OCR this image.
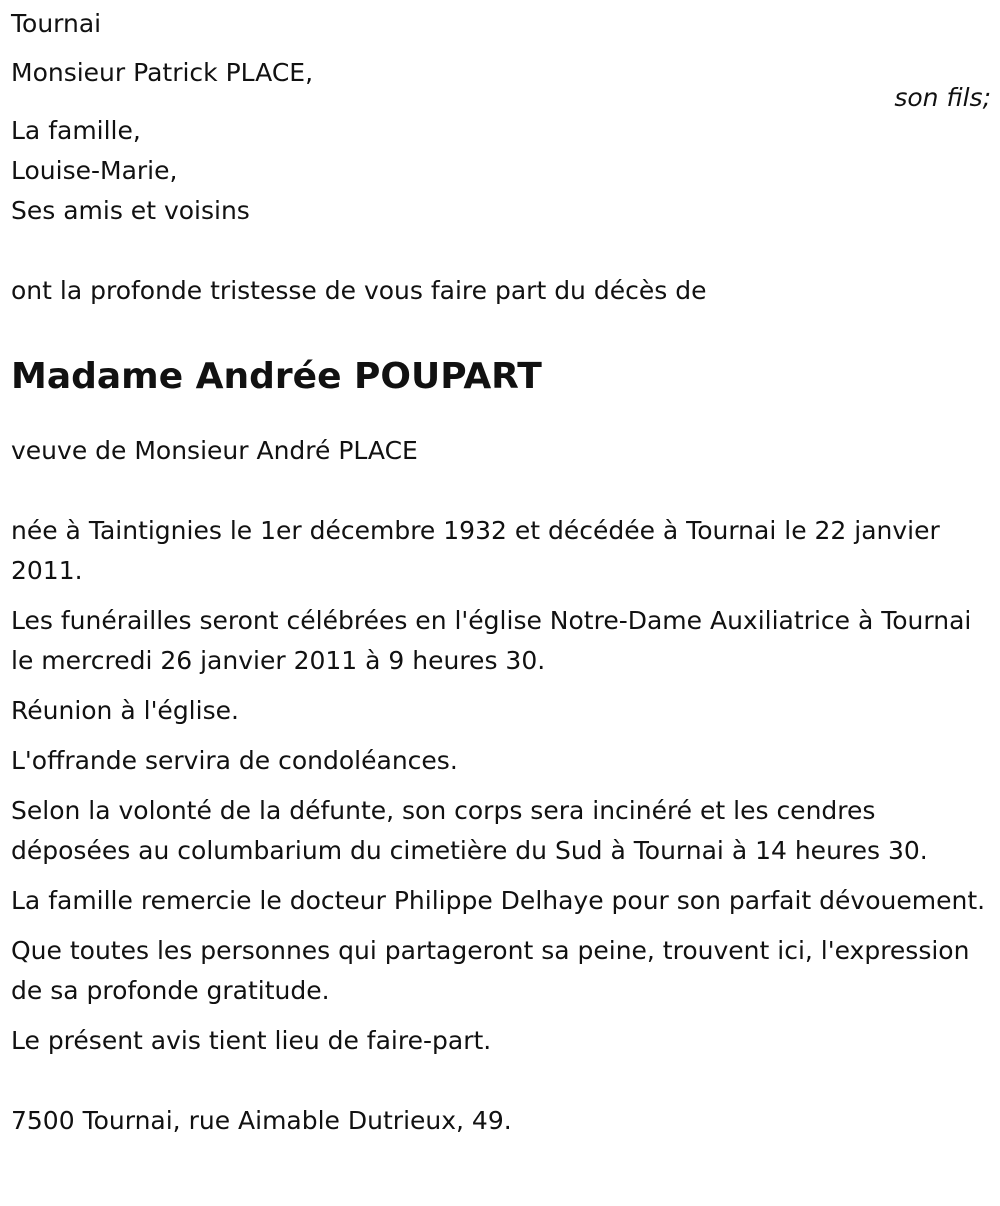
Tournai
Monsieur Patrick PLACE,
son fils;
La famille,
Louise-Marie,
Ses amis et voisins
ont la profonde tristesse de vous faire part du décès de
Madame Andrée POUPART
veuve de Monsieur André PLACE

née à Taintignies le 1er décembre 1932 et décédée à Tournai le 22 janvier 2011.

Les funérailles seront célébrées en l'église Notre-Dame Auxiliatrice à Tournai le mercredi 26 janvier 2011 à 9 heures 30.

Réunion à l'église.

L'offrande servira de condoléances.

Selon la volonté de la défunte, son corps sera incinéré et les cendres déposées au columbarium du cimetière du Sud à Tournai à 14 heures 30.

La famille remercie le docteur Philippe Delhaye pour son parfait dévouement.

Que toutes les personnes qui partageront sa peine, trouvent ici, l'expression de sa profonde gratitude.

Le présent avis tient lieu de faire-part.

7500 Tournai, rue Aimable Dutrieux, 49.
